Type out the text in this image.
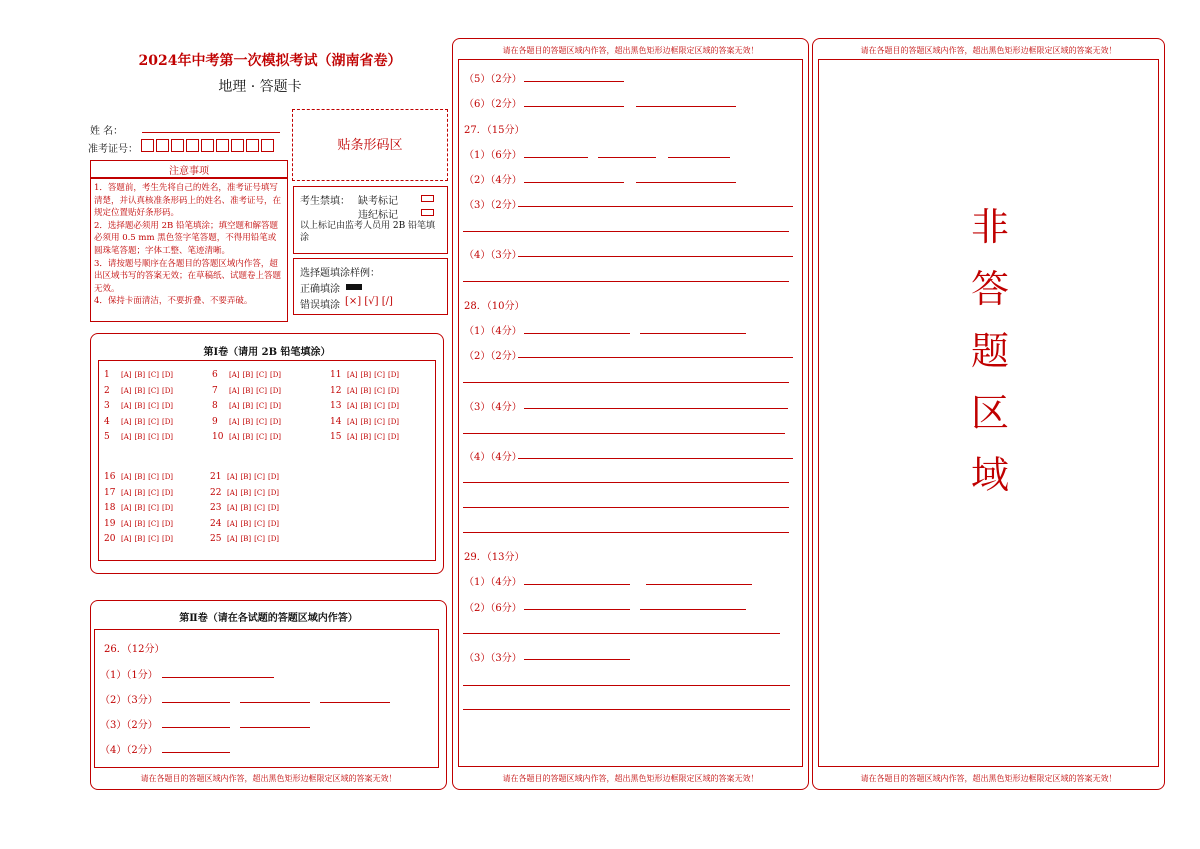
2024年中考第一次模拟考试（湖南省卷）
地理 · 答题卡
姓 名：
准考证号：	贴条形码区
注意事项
1．答题前，考生先将自己的姓名，准考证号填写清楚，并认真核准条形码上的姓名、准考证号，在规定位置贴好条形码。
2．选择题必须用 2B 铅笔填涂；填空题和解答题必须用 0.5 mm 黑色签字笔答题，不得用铅笔或圆珠笔答题；字体工整、笔迹清晰。
3．请按题号顺序在各题目的答题区域内作答，超出区域书写的答案无效；在草稿纸、试题卷上答题无效。
4．保持卡面清洁，不要折叠、不要弄破。
考生禁填： 缺考标记
违纪标记
以上标记由监考人员用 2B 铅笔填涂
选择题填涂样例：
正确填涂
错误填涂 [×] [√] [/]
第Ⅰ卷（请用 2B 铅笔填涂）
1 [A] [B] [C] [D]
2 [A] [B] [C] [D]
3 [A] [B] [C] [D]
4 [A] [B] [C] [D]
5 [A] [B] [C] [D]
6 [A] [B] [C] [D]
7 [A] [B] [C] [D]
8 [A] [B] [C] [D]
9 [A] [B] [C] [D]
10 [A] [B] [C] [D]
11 [A] [B] [C] [D]
12 [A] [B] [C] [D]
13 [A] [B] [C] [D]
14 [A] [B] [C] [D]
15 [A] [B] [C] [D]
16 [A] [B] [C] [D]
17 [A] [B] [C] [D]
18 [A] [B] [C] [D]
19 [A] [B] [C] [D]
20 [A] [B] [C] [D]
21 [A] [B] [C] [D]
22 [A] [B] [C] [D]
23 [A] [B] [C] [D]
24 [A] [B] [C] [D]
25 [A] [B] [C] [D]
第Ⅱ卷（请在各试题的答题区域内作答）
26．（12分）
（1）（1分）
（2）（3分）
（3）（2分）
（4）（2分）
请在各题目的答题区域内作答，超出黑色矩形边框限定区域的答案无效！
请在各题目的答题区域内作答，超出黑色矩形边框限定区域的答案无效！
（5）（2分）
（6）（2分）
27．（15分）
（1）（6分）
（2）（4分）
（3）（2分）
（4）（3分）
28．（10分）
（1）（4分）
（2）（2分）
（3）（4分）
（4）（4分）
29．（13分）
（1）（4分）
（2）（6分）
（3）（3分）
请在各题目的答题区域内作答，超出黑色矩形边框限定区域的答案无效！
请在各题目的答题区域内作答，超出黑色矩形边框限定区域的答案无效！
非
答
题
区
域
请在各题目的答题区域内作答，超出黑色矩形边框限定区域的答案无效！
